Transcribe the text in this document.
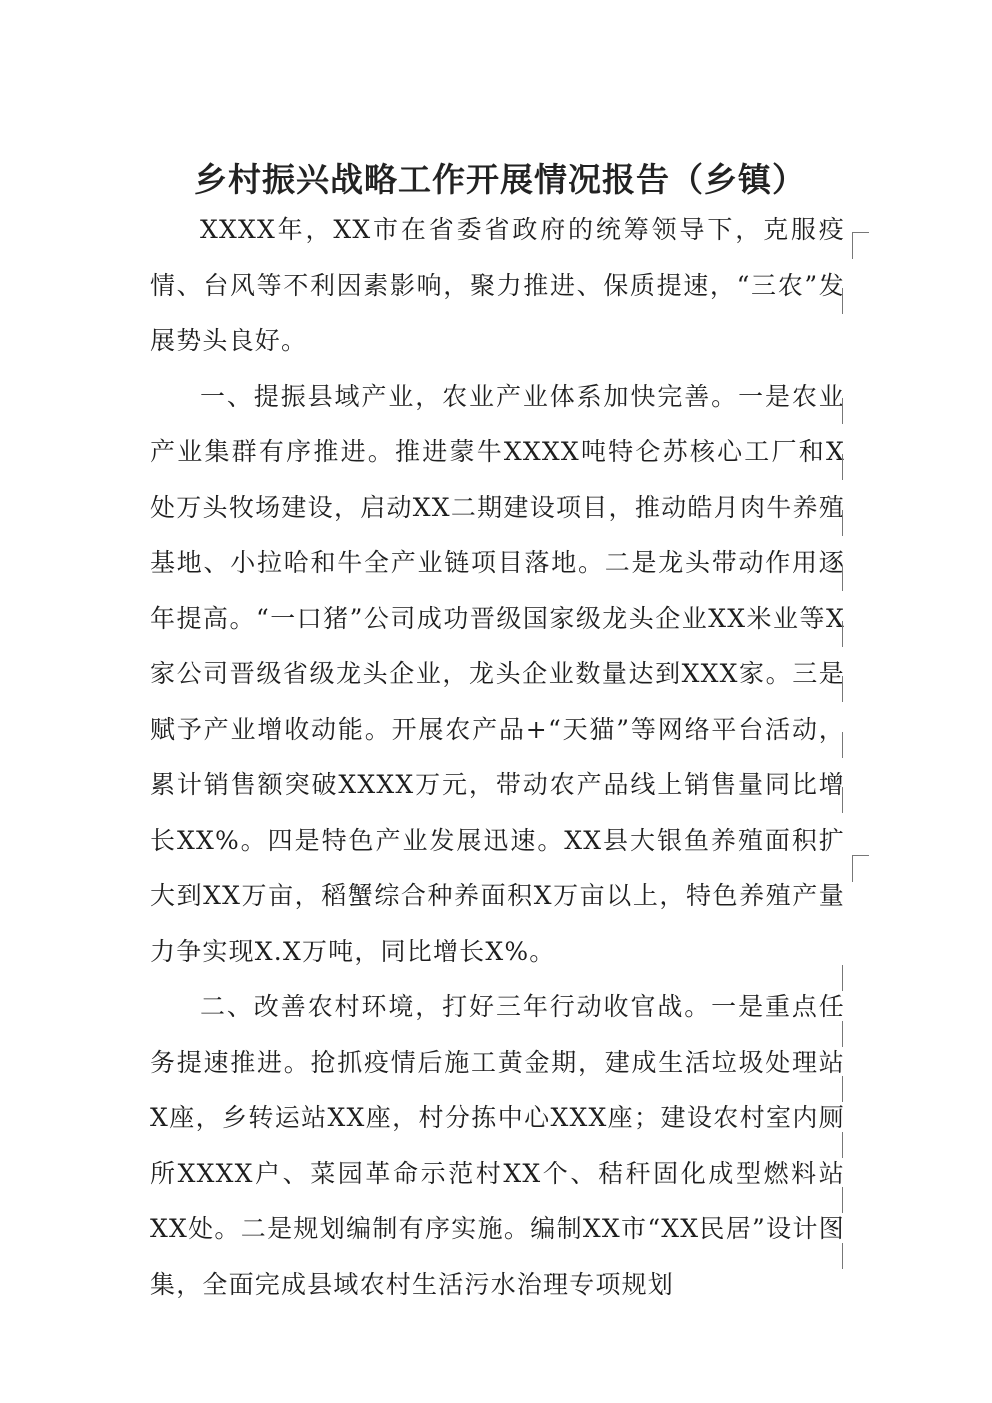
乡村振兴战略工作开展情况报告（乡镇）

XXXX年，XX市在省委省政府的统筹领导下，克服疫情、台风等不利因素影响，聚力推进、保质提速，“三农”发展势头良好。

一、提振县域产业，农业产业体系加快完善。一是农业产业集群有序推进。推进蒙牛XXXX吨特仑苏核心工厂和X处万头牧场建设，启动XX二期建设项目，推动皓月肉牛养殖基地、小拉哈和牛全产业链项目落地。二是龙头带动作用逐年提高。“一口猪”公司成功晋级国家级龙头企业XX米业等X家公司晋级省级龙头企业，龙头企业数量达到XXX家。三是赋予产业增收动能。开展农产品+“天猫”等网络平台活动，累计销售额突破XXXX万元，带动农产品线上销售量同比增长XX%。四是特色产业发展迅速。XX县大银鱼养殖面积扩大到XX万亩，稻蟹综合种养面积X万亩以上，特色养殖产量力争实现X.X万吨，同比增长X%。

二、改善农村环境，打好三年行动收官战。一是重点任务提速推进。抢抓疫情后施工黄金期，建成生活垃圾处理站X座，乡转运站XX座，村分拣中心XXX座；建设农村室内厕所XXXX户、菜园革命示范村XX个、秸秆固化成型燃料站XX处。二是规划编制有序实施。编制XX市“XX民居”设计图集，全面完成县域农村生活污水治理专项规划
